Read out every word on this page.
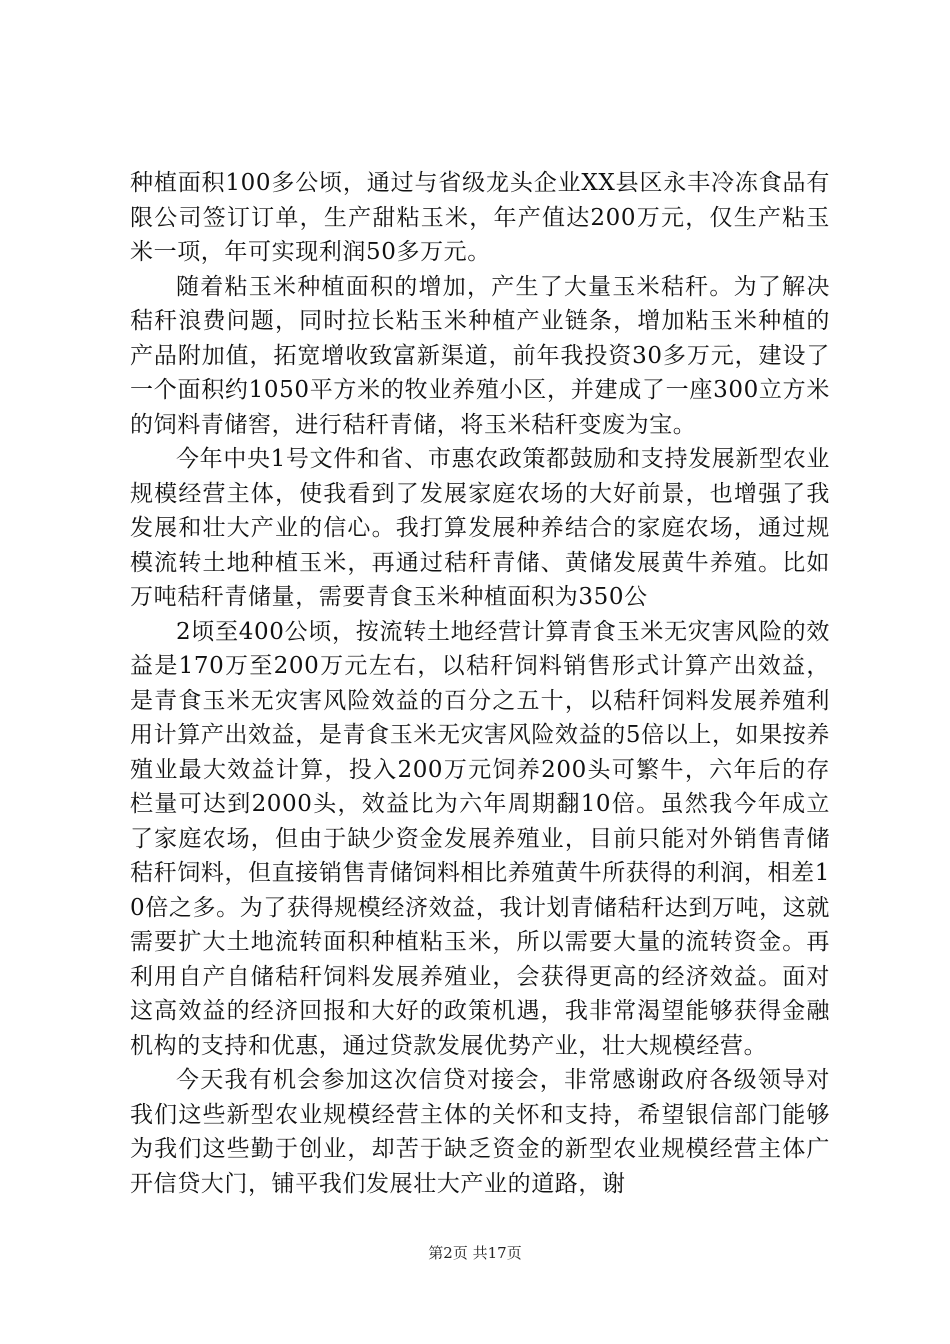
种植面积100多公顷，通过与省级龙头企业XX县区永丰冷冻食品有限公司签订订单，生产甜粘玉米，年产值达200万元，仅生产粘玉米一项，年可实现利润50多万元。

随着粘玉米种植面积的增加，产生了大量玉米秸秆。为了解决秸秆浪费问题，同时拉长粘玉米种植产业链条，增加粘玉米种植的产品附加值，拓宽增收致富新渠道，前年我投资30多万元，建设了一个面积约1050平方米的牧业养殖小区，并建成了一座300立方米的饲料青储窖，进行秸秆青储，将玉米秸秆变废为宝。

今年中央1号文件和省、市惠农政策都鼓励和支持发展新型农业规模经营主体，使我看到了发展家庭农场的大好前景，也增强了我发展和壮大产业的信心。我打算发展种养结合的家庭农场，通过规模流转土地种植玉米，再通过秸秆青储、黄储发展黄牛养殖。比如万吨秸秆青储量，需要青食玉米种植面积为350公

2顷至400公顷，按流转土地经营计算青食玉米无灾害风险的效益是170万至200万元左右，以秸秆饲料销售形式计算产出效益，是青食玉米无灾害风险效益的百分之五十，以秸秆饲料发展养殖利用计算产出效益，是青食玉米无灾害风险效益的5倍以上，如果按养殖业最大效益计算，投入200万元饲养200头可繁牛，六年后的存栏量可达到2000头，效益比为六年周期翻10倍。虽然我今年成立了家庭农场，但由于缺少资金发展养殖业，目前只能对外销售青储秸秆饲料，但直接销售青储饲料相比养殖黄牛所获得的利润，相差10倍之多。为了获得规模经济效益，我计划青储秸秆达到万吨，这就需要扩大土地流转面积种植粘玉米，所以需要大量的流转资金。再利用自产自储秸秆饲料发展养殖业，会获得更高的经济效益。面对这高效益的经济回报和大好的政策机遇，我非常渴望能够获得金融机构的支持和优惠，通过贷款发展优势产业，壮大规模经营。

今天我有机会参加这次信贷对接会，非常感谢政府各级领导对我们这些新型农业规模经营主体的关怀和支持，希望银信部门能够为我们这些勤于创业，却苦于缺乏资金的新型农业规模经营主体广开信贷大门，铺平我们发展壮大产业的道路，谢

第2页 共17页
